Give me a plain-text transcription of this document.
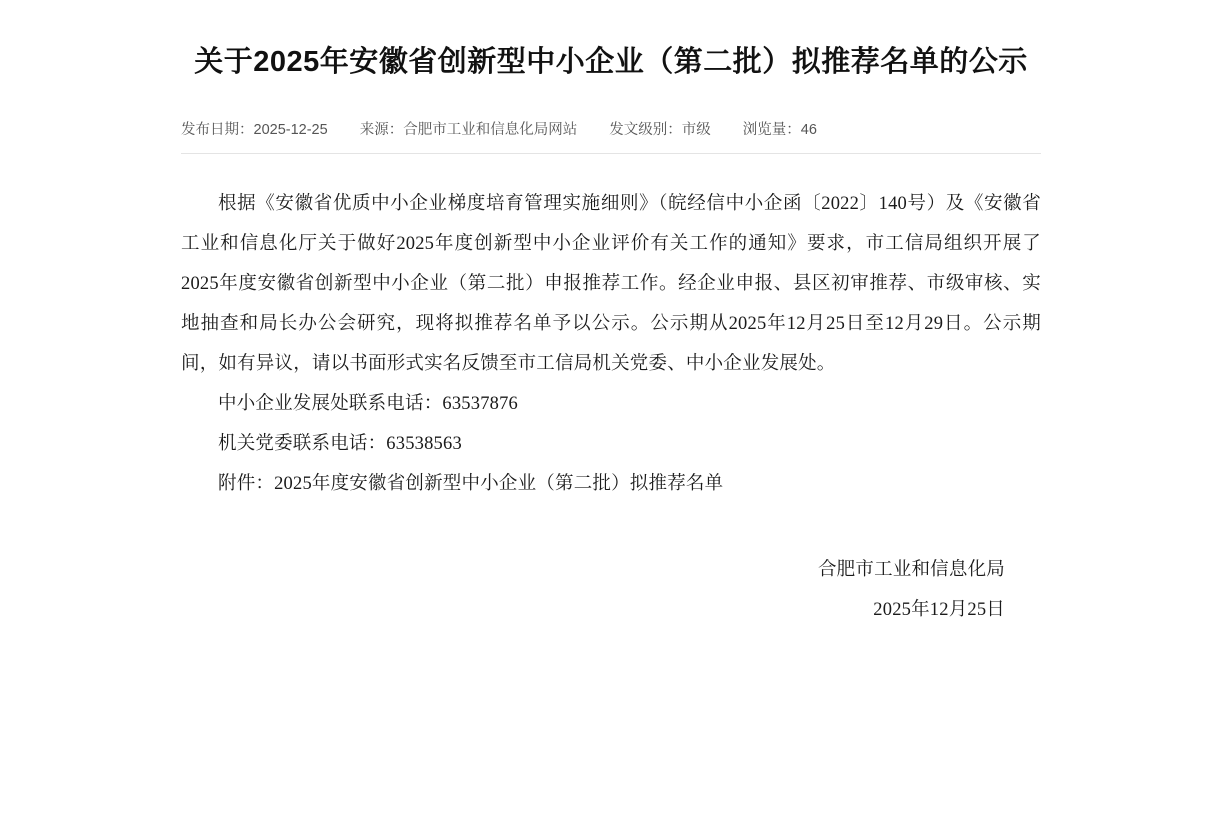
关于2025年安徽省创新型中小企业（第二批）拟推荐名单的公示
发布日期：2025-12-25 来源：合肥市工业和信息化局网站 发文级别：市级 浏览量：46

根据《安徽省优质中小企业梯度培育管理实施细则》（皖经信中小企函〔2022〕140号）及《安徽省工业和信息化厅关于做好2025年度创新型中小企业评价有关工作的通知》要求，市工信局组织开展了2025年度安徽省创新型中小企业（第二批）申报推荐工作。经企业申报、县区初审推荐、市级审核、实地抽查和局长办公会研究，现将拟推荐名单予以公示。公示期从2025年12月25日至12月29日。公示期间，如有异议，请以书面形式实名反馈至市工信局机关党委、中小企业发展处。

中小企业发展处联系电话：63537876

机关党委联系电话：63538563

附件：2025年度安徽省创新型中小企业（第二批）拟推荐名单

合肥市工业和信息化局
2025年12月25日
